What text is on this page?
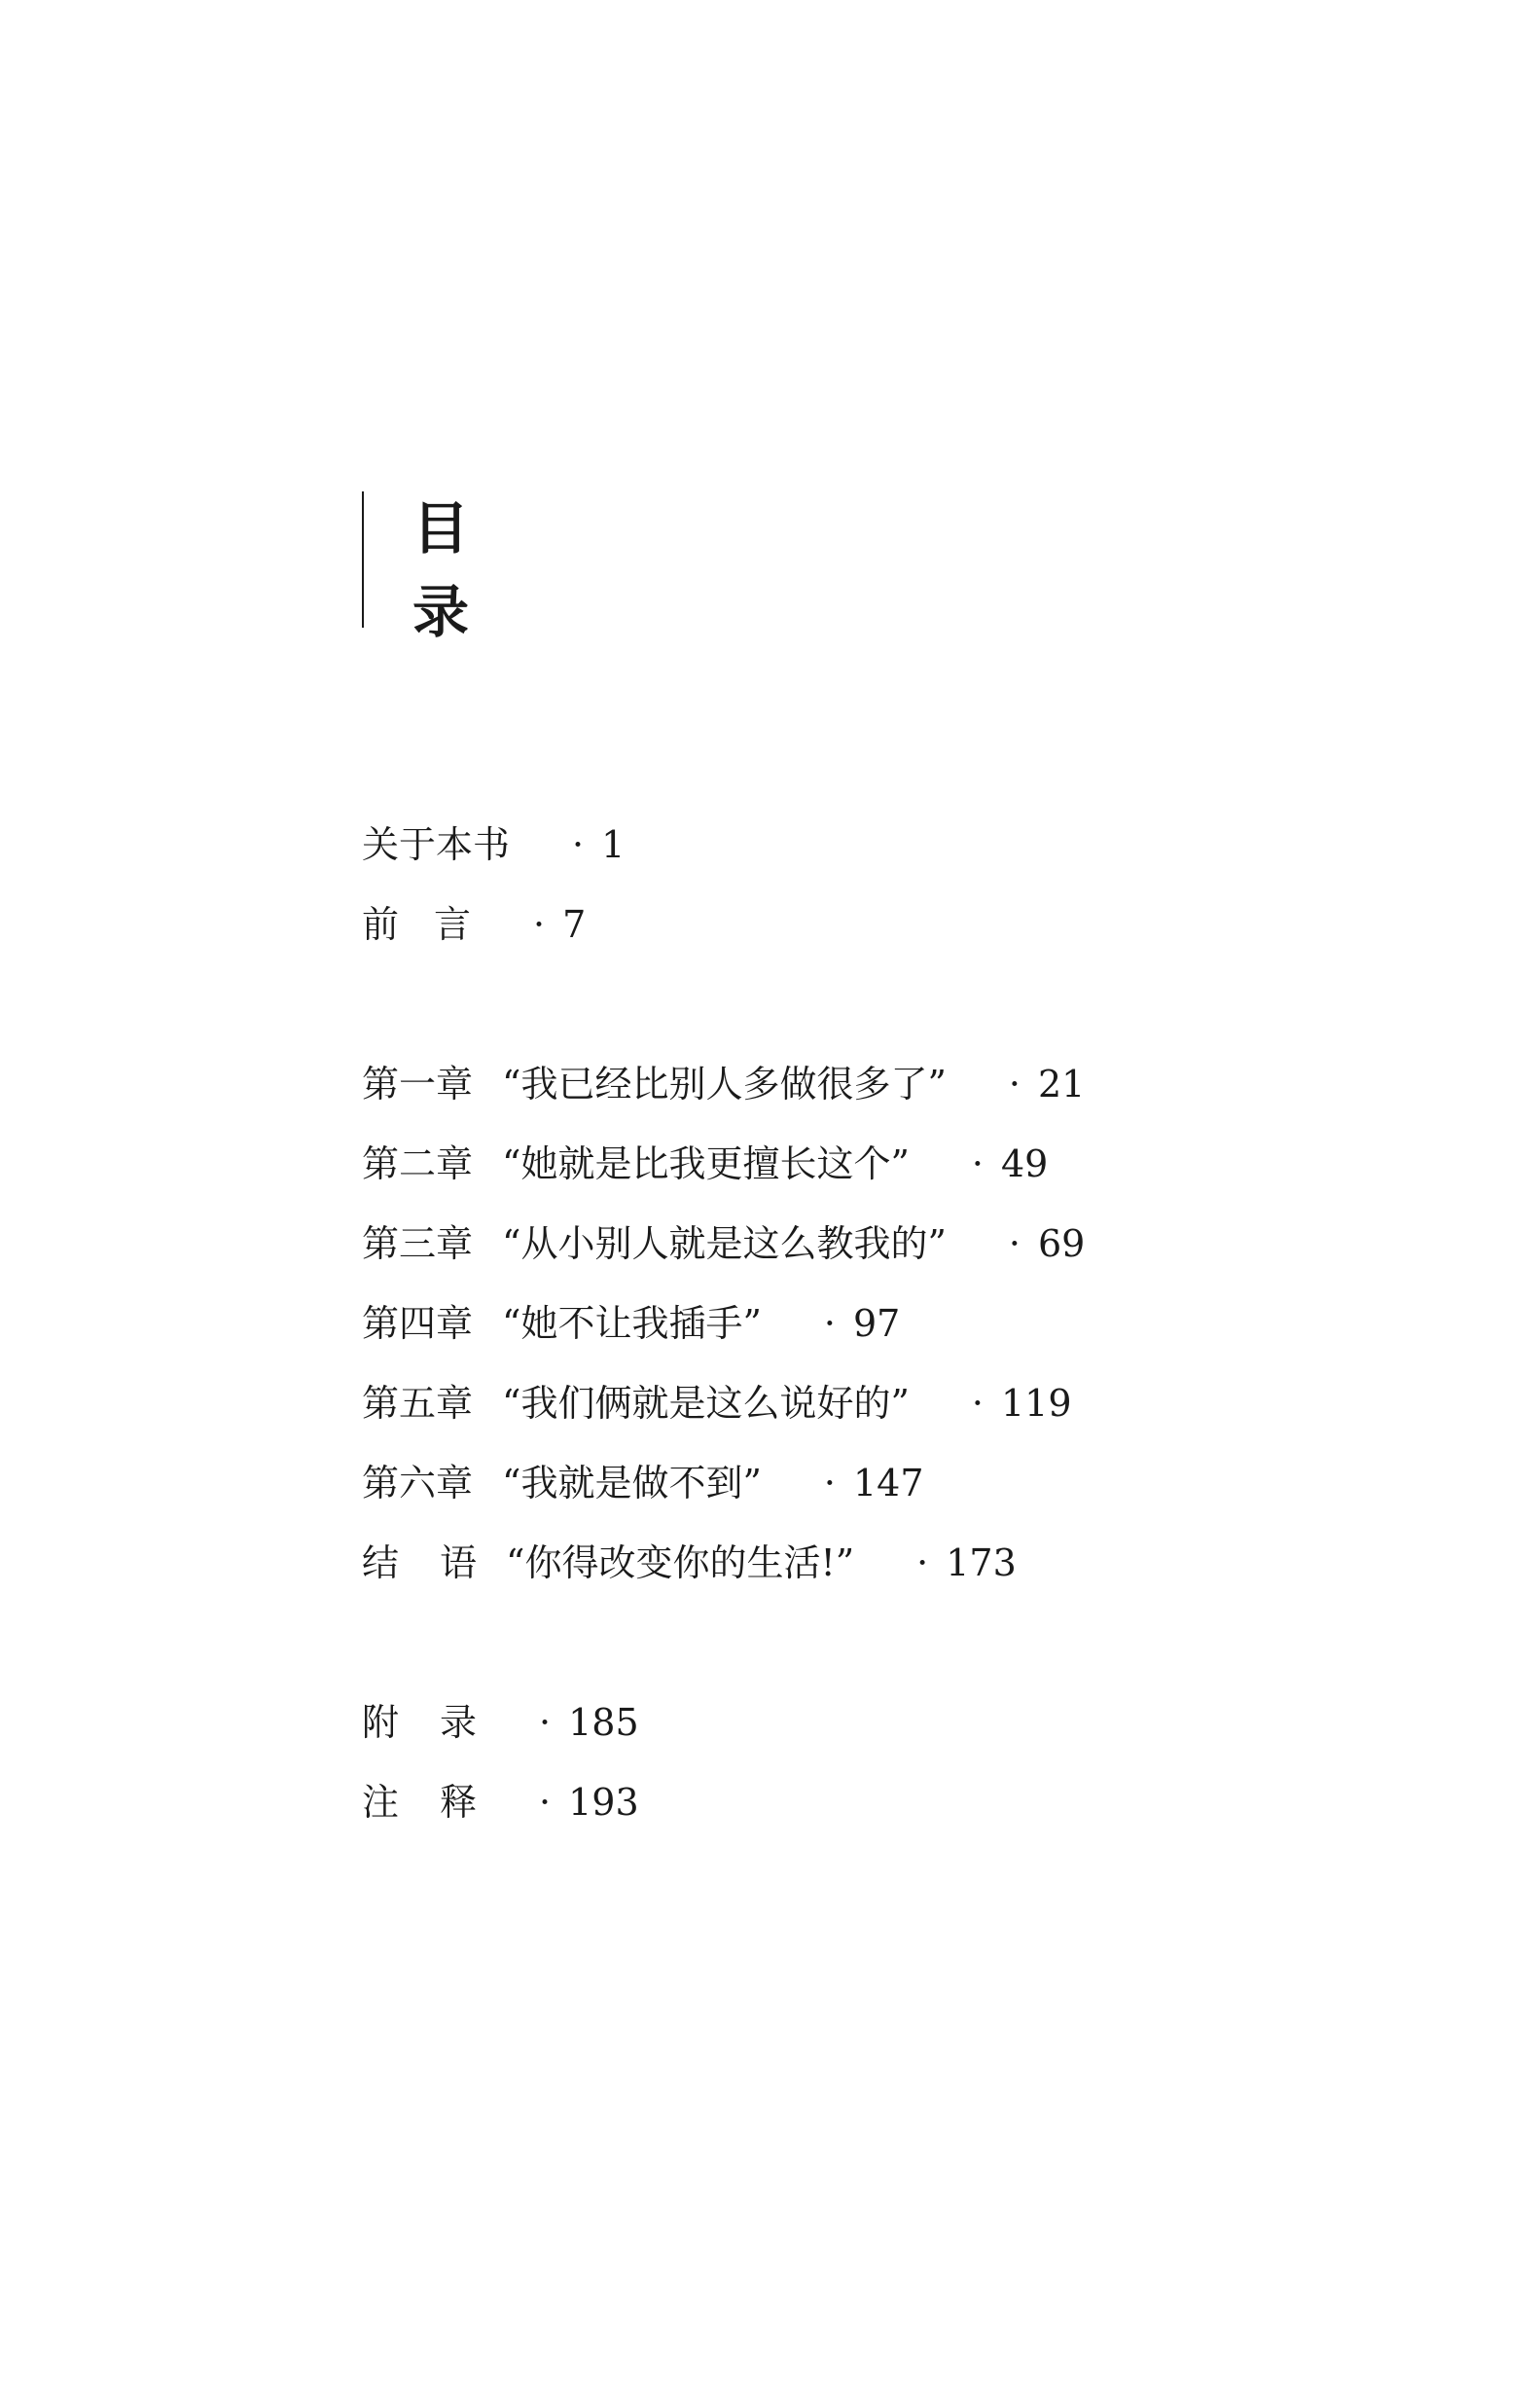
目
录
关于本书 · 1
前 言 · 7
第一章 “我已经比别人多做很多了” · 21
第二章 “她就是比我更擅长这个” · 49
第三章 “从小别人就是这么教我的” · 69
第四章 “她不让我插手” · 97
第五章 “我们俩就是这么说好的” · 119
第六章 “我就是做不到” · 147
结 语 “你得改变你的生活!” · 173
附 录 · 185
注 释 · 193
